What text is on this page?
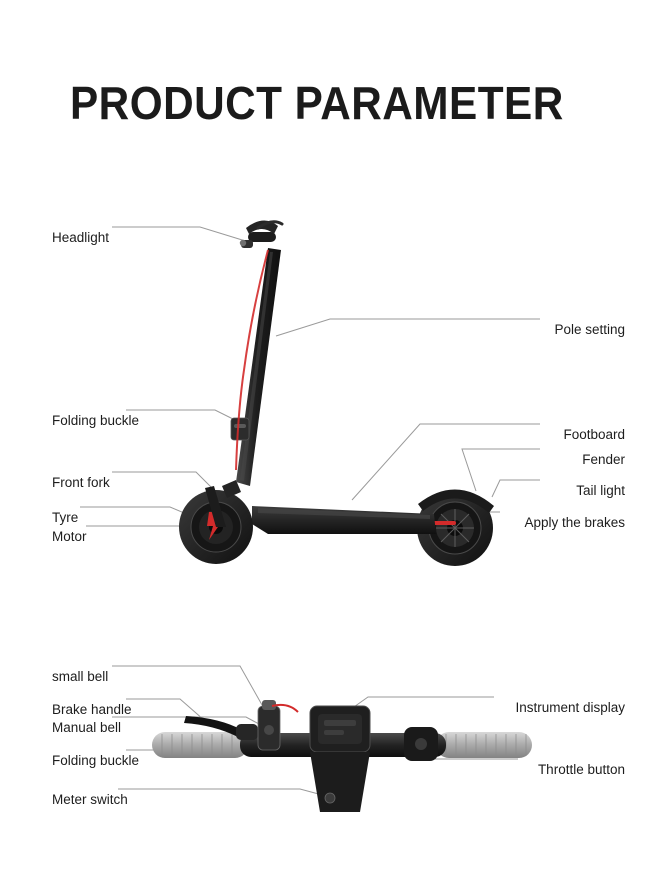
PRODUCT PARAMETER
Headlight
Folding buckle
Front fork
Tyre
Motor
Pole setting
Footboard
Fender
Tail light
Apply the brakes
small bell
Brake handle
Manual bell
Folding buckle
Meter switch
Instrument display
Throttle button
